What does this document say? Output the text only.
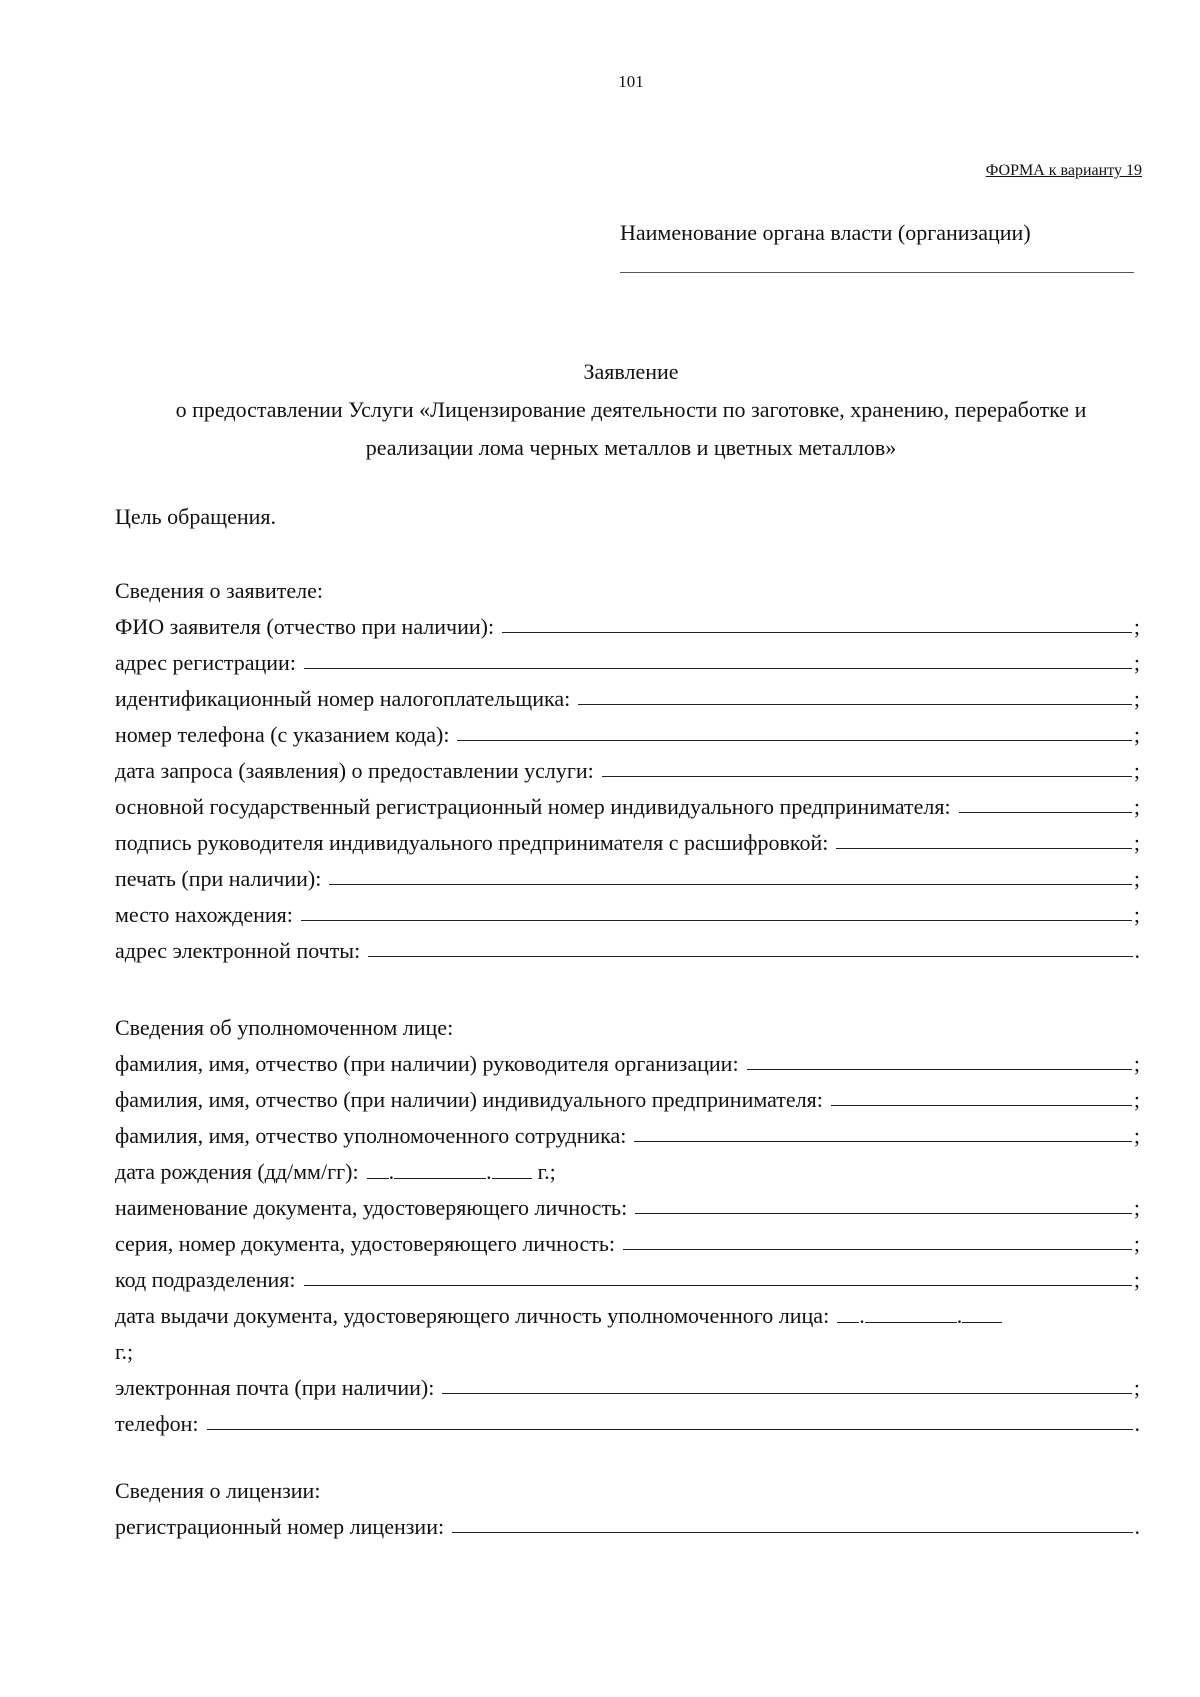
101
ФОРМА к варианту 19
Наименование органа власти (организации)
Заявление
о предоставлении Услуги «Лицензирование деятельности по заготовке, хранению, переработке и
реализации лома черных металлов и цветных металлов»
Цель обращения.
Сведения о заявителе:
ФИО заявителя (отчество при наличии):	;
адрес регистрации:	;
идентификационный номер налогоплательщика:	;
номер телефона (с указанием кода):	;
дата запроса (заявления) о предоставлении услуги:	;
основной государственный регистрационный номер индивидуального предпринимателя:	;
подпись руководителя индивидуального предпринимателя с расшифровкой:	;
печать (при наличии):	;
место нахождения:	;
адрес электронной почты:	.
Сведения об уполномоченном лице:
фамилия, имя, отчество (при наличии) руководителя организации:	;
фамилия, имя, отчество (при наличии) индивидуального предпринимателя:	;
фамилия, имя, отчество уполномоченного сотрудника:	;
дата рождения (дд/мм/гг):	.	.	г.;
наименование документа, удостоверяющего личность:	;
серия, номер документа, удостоверяющего личность:	;
код подразделения:	;
дата выдачи документа, удостоверяющего личность уполномоченного лица:	.	.
г.;
электронная почта (при наличии):	;
телефон:	.
Сведения о лицензии:
регистрационный номер лицензии:	.
